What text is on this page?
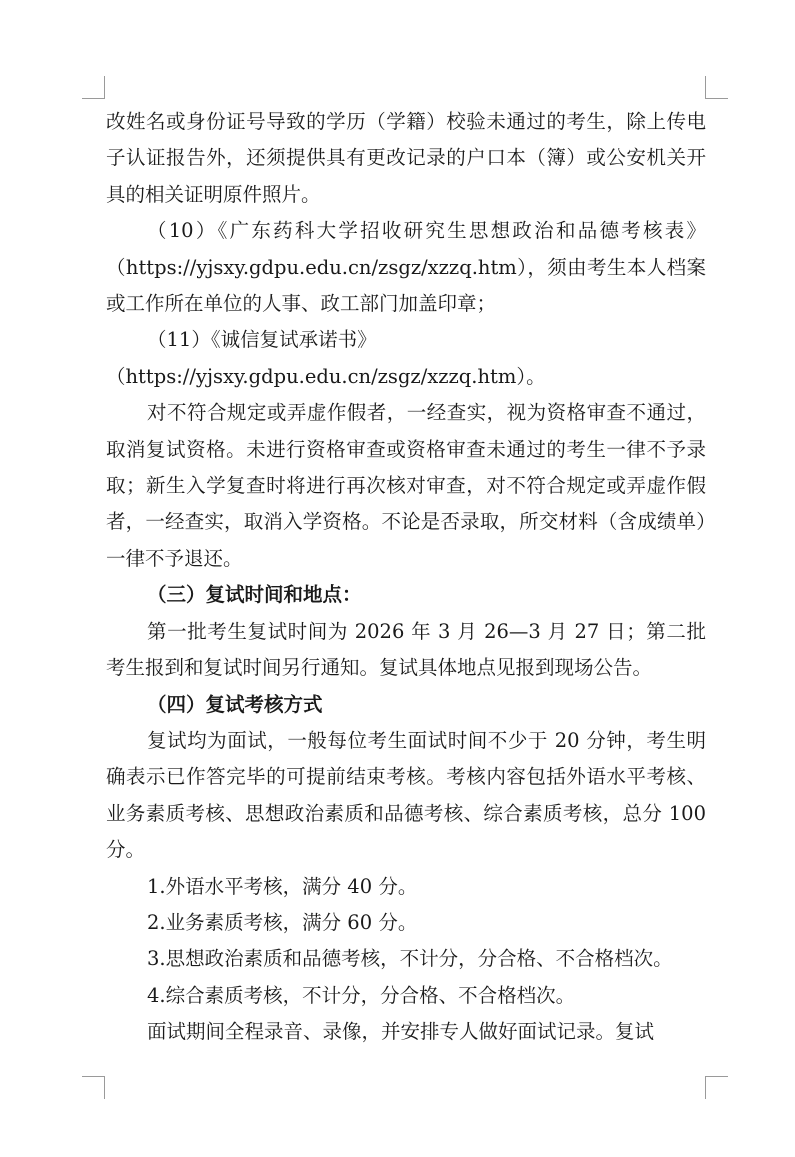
改姓名或身份证号导致的学历（学籍）校验未通过的考生，除上传电子认证报告外，还须提供具有更改记录的户口本（簿）或公安机关开具的相关证明原件照片。

（10）《广东药科大学招收研究生思想政治和品德考核表》（https://yjsxy.gdpu.edu.cn/zsgz/xzzq.htm），须由考生本人档案或工作所在单位的人事、政工部门加盖印章；

（11）《诚信复试承诺书》

（https://yjsxy.gdpu.edu.cn/zsgz/xzzq.htm）。

对不符合规定或弄虚作假者，一经查实，视为资格审查不通过，取消复试资格。未进行资格审查或资格审查未通过的考生一律不予录取；新生入学复查时将进行再次核对审查，对不符合规定或弄虚作假者，一经查实，取消入学资格。不论是否录取，所交材料（含成绩单）一律不予退还。

（三）复试时间和地点：

第一批考生复试时间为 2026 年 3 月 26—3 月 27 日；第二批考生报到和复试时间另行通知。复试具体地点见报到现场公告。

（四）复试考核方式

复试均为面试，一般每位考生面试时间不少于 20 分钟，考生明确表示已作答完毕的可提前结束考核。考核内容包括外语水平考核、业务素质考核、思想政治素质和品德考核、综合素质考核，总分 100 分。

1.外语水平考核，满分 40 分。

2.业务素质考核，满分 60 分。

3.思想政治素质和品德考核，不计分，分合格、不合格档次。

4.综合素质考核，不计分，分合格、不合格档次。

面试期间全程录音、录像，并安排专人做好面试记录。复试
